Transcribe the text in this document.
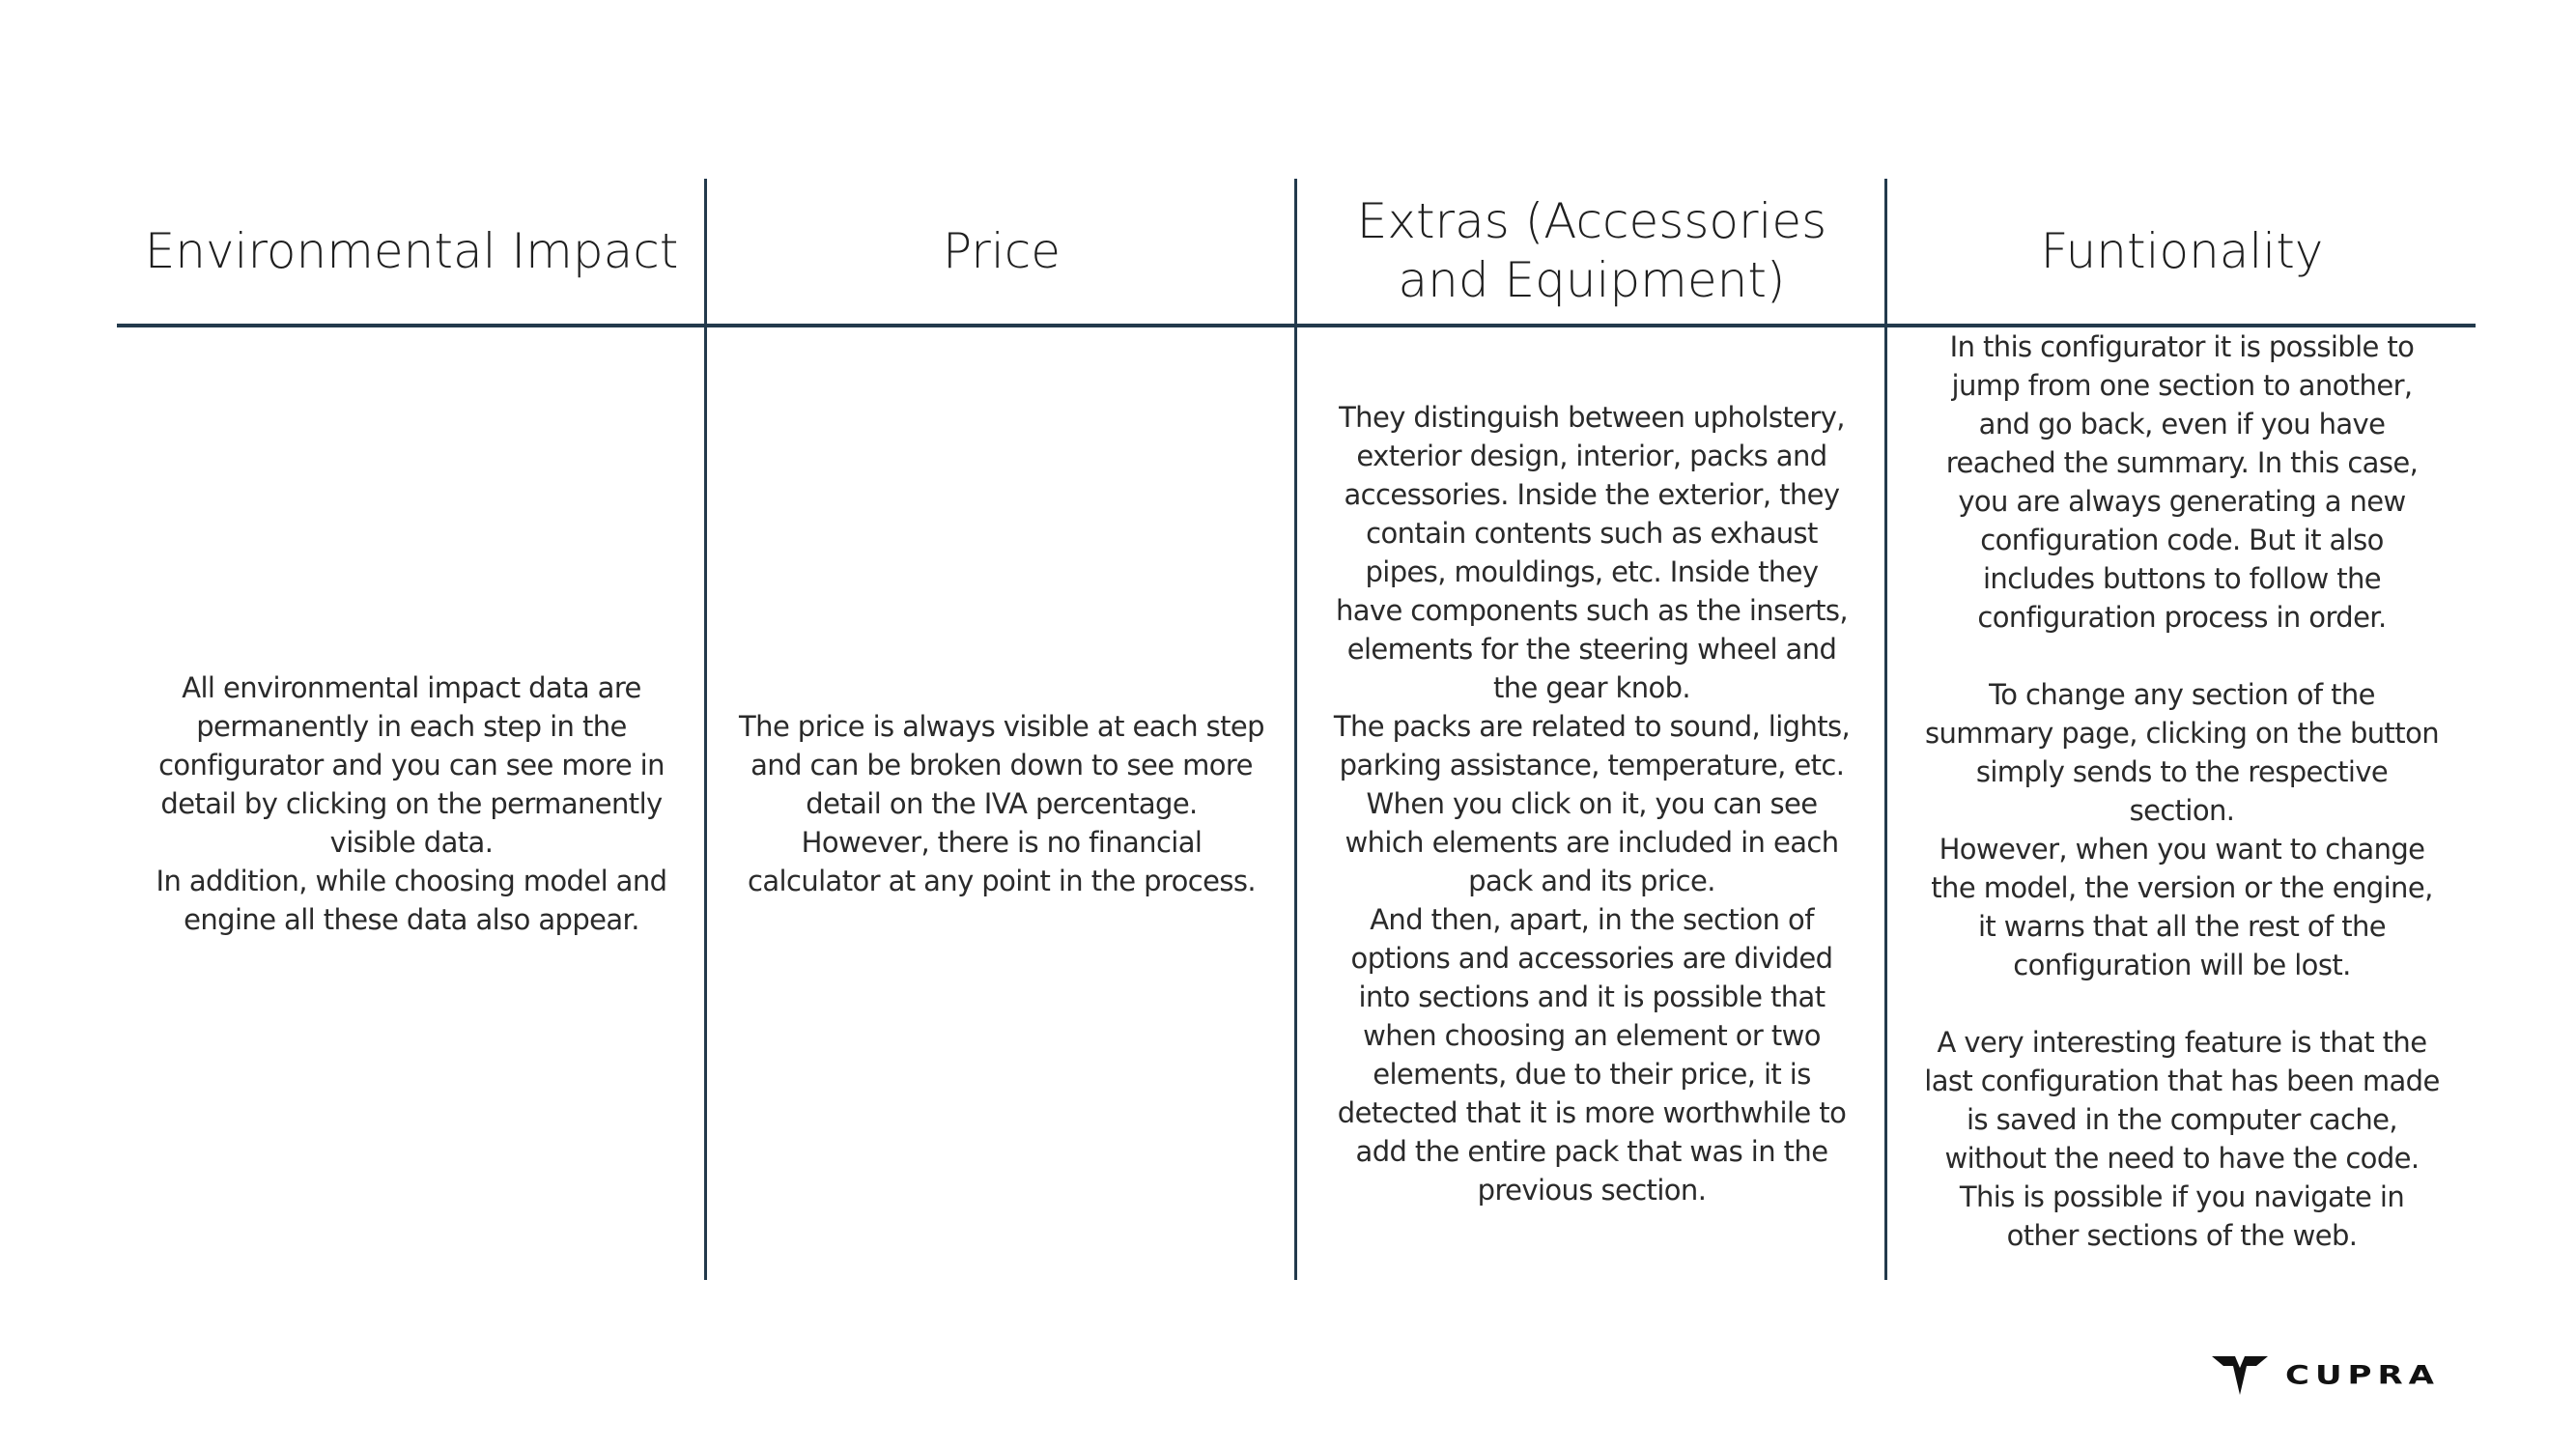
Environmental Impact
All environmental impact data are
permanently in each step in the
configurator and you can see more in
detail by clicking on the permanently
visible data.
In addition, while choosing model and
engine all these data also appear.
Price
The price is always visible at each step
and can be broken down to see more
detail on the IVA percentage.
However, there is no financial
calculator at any point in the process.
Extras (Accessories and Equipment)
They distinguish between upholstery,
exterior design, interior, packs and
accessories. Inside the exterior, they
contain contents such as exhaust
pipes, mouldings, etc. Inside they
have components such as the inserts,
elements for the steering wheel and
the gear knob.
The packs are related to sound, lights,
parking assistance, temperature, etc.
When you click on it, you can see
which elements are included in each
pack and its price.
And then, apart, in the section of
options and accessories are divided
into sections and it is possible that
when choosing an element or two
elements, due to their price, it is
detected that it is more worthwhile to
add the entire pack that was in the
previous section.
Funtionality
In this configurator it is possible to
jump from one section to another,
and go back, even if you have
reached the summary. In this case,
you are always generating a new
configuration code. But it also
includes buttons to follow the
configuration process in order.

To change any section of the
summary page, clicking on the button
simply sends to the respective
section.
However, when you want to change
the model, the version or the engine,
it warns that all the rest of the
configuration will be lost.

A very interesting feature is that the
last configuration that has been made
is saved in the computer cache,
without the need to have the code.
This is possible if you navigate in
other sections of the web.
CUPRA
